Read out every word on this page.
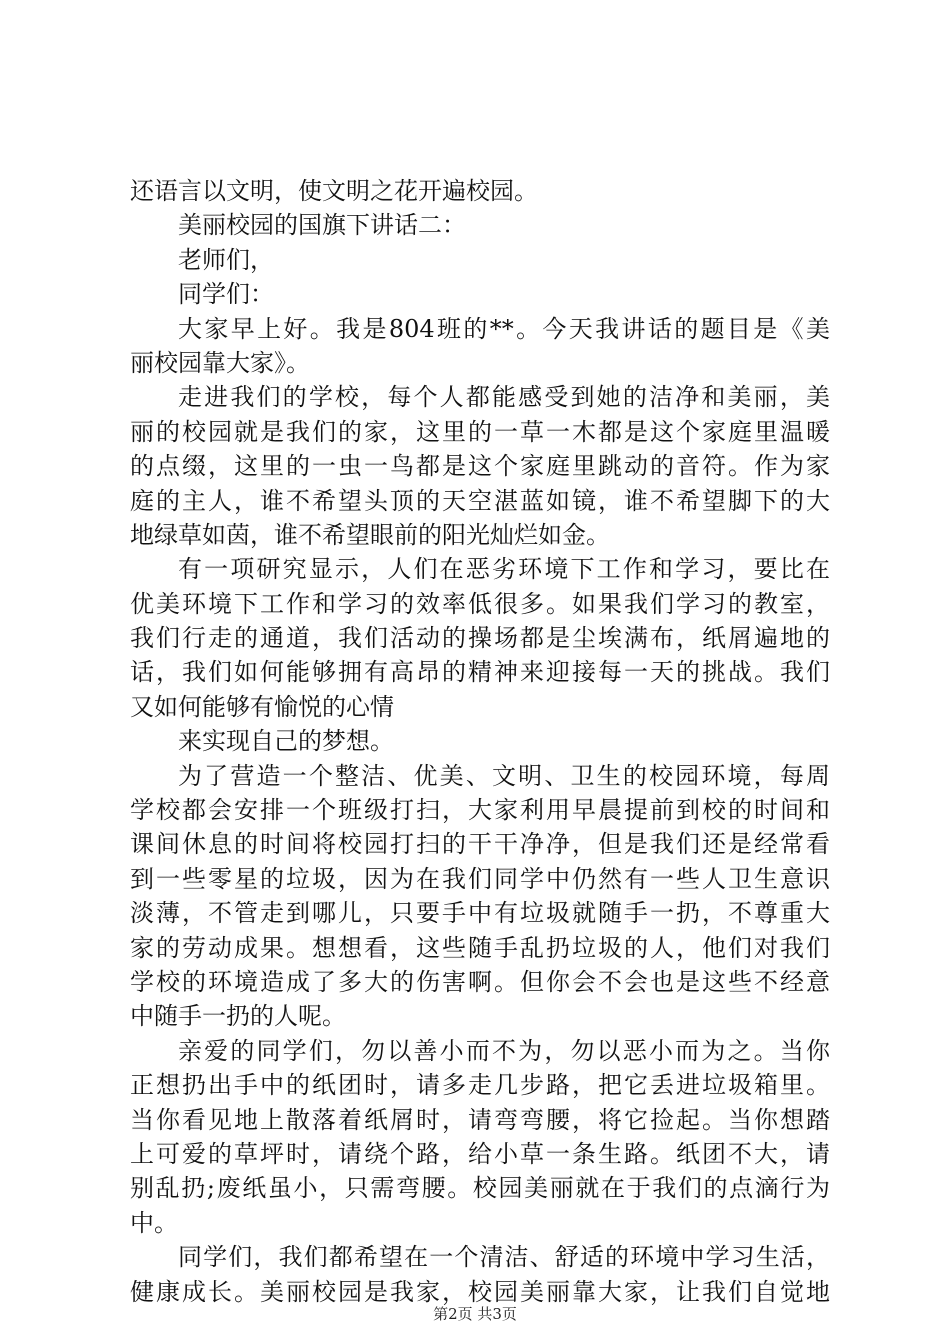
还语言以文明，使文明之花开遍校园。
美丽校园的国旗下讲话二：
老师们，
同学们：
大家早上好。我是804班的**。今天我讲话的题目是《美
丽校园靠大家》。
走进我们的学校，每个人都能感受到她的洁净和美丽，美
丽的校园就是我们的家，这里的一草一木都是这个家庭里温暖
的点缀，这里的一虫一鸟都是这个家庭里跳动的音符。作为家
庭的主人，谁不希望头顶的天空湛蓝如镜，谁不希望脚下的大
地绿草如茵，谁不希望眼前的阳光灿烂如金。
有一项研究显示，人们在恶劣环境下工作和学习，要比在
优美环境下工作和学习的效率低很多。如果我们学习的教室，
我们行走的通道，我们活动的操场都是尘埃满布，纸屑遍地的
话，我们如何能够拥有高昂的精神来迎接每一天的挑战。我们
又如何能够有愉悦的心情
来实现自己的梦想。
为了营造一个整洁、优美、文明、卫生的校园环境，每周
学校都会安排一个班级打扫，大家利用早晨提前到校的时间和
课间休息的时间将校园打扫的干干净净，但是我们还是经常看
到一些零星的垃圾，因为在我们同学中仍然有一些人卫生意识
淡薄，不管走到哪儿，只要手中有垃圾就随手一扔，不尊重大
家的劳动成果。想想看，这些随手乱扔垃圾的人，他们对我们
学校的环境造成了多大的伤害啊。但你会不会也是这些不经意
中随手一扔的人呢。
亲爱的同学们，勿以善小而不为，勿以恶小而为之。当你
正想扔出手中的纸团时，请多走几步路，把它丢进垃圾箱里。
当你看见地上散落着纸屑时，请弯弯腰，将它捡起。当你想踏
上可爱的草坪时，请绕个路，给小草一条生路。纸团不大，请
别乱扔;废纸虽小，只需弯腰。校园美丽就在于我们的点滴行为
中。
同学们，我们都希望在一个清洁、舒适的环境中学习生活，
健康成长。美丽校园是我家，校园美丽靠大家，让我们自觉地
第2页 共3页
